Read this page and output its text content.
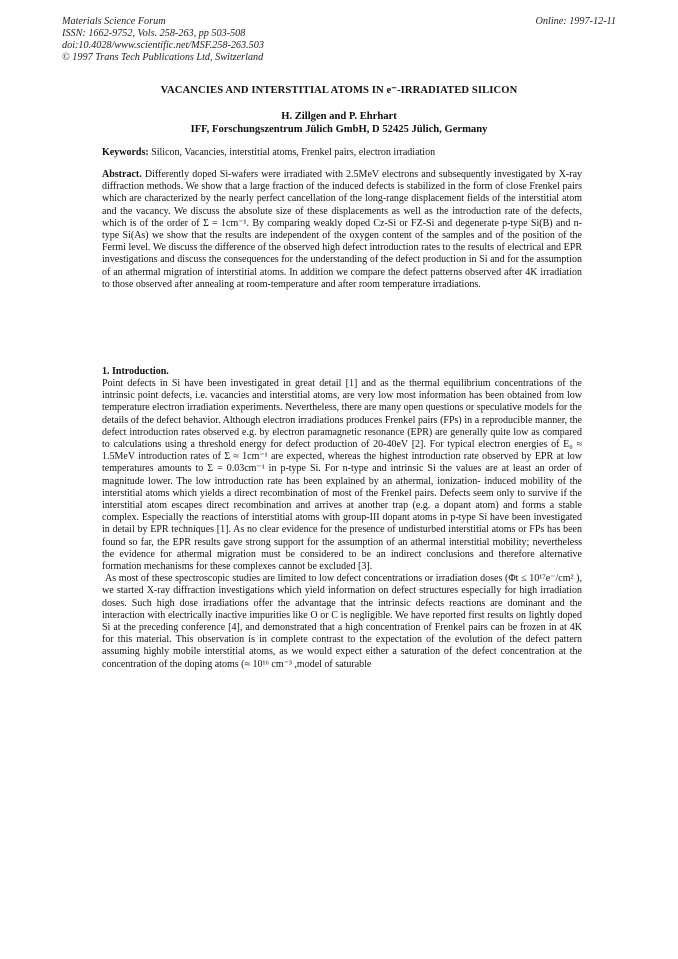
Materials Science Forum
ISSN: 1662-9752, Vols. 258-263, pp 503-508
doi:10.4028/www.scientific.net/MSF.258-263.503
© 1997 Trans Tech Publications Ltd, Switzerland
Online: 1997-12-11
VACANCIES AND INTERSTITIAL ATOMS IN e⁻-IRRADIATED SILICON
H. Zillgen and P. Ehrhart
IFF, Forschungszentrum Jülich GmbH, D 52425 Jülich, Germany
Keywords: Silicon, Vacancies, interstitial atoms, Frenkel pairs, electron irradiation
Abstract. Differently doped Si-wafers were irradiated with 2.5MeV electrons and subsequently investigated by X-ray diffraction methods. We show that a large fraction of the induced defects is stabilized in the form of close Frenkel pairs which are characterized by the nearly perfect cancellation of the long-range displacement fields of the interstitial atom and the vacancy. We discuss the absolute size of these displacements as well as the introduction rate of the defects, which is of the order of Σ = 1cm⁻¹. By comparing weakly doped Cz-Si or FZ-Si and degenerate p-type Si(B) and n-type Si(As) we show that the results are independent of the oxygen content of the samples and of the position of the Fermi level. We discuss the difference of the observed high defect introduction rates to the results of electrical and EPR investigations and discuss the consequences for the understanding of the defect production in Si and for the assumption of an athermal migration of interstitial atoms. In addition we compare the defect patterns observed after 4K irradiation to those observed after annealing at room-temperature and after room temperature irradiations.
1. Introduction.

Point defects in Si have been investigated in great detail [1] and as the thermal equilibrium concentrations of the intrinsic point defects, i.e. vacancies and interstitial atoms, are very low most information has been obtained from low temperature electron irradiation experiments. Nevertheless, there are many open questions or speculative models for the details of the defect behavior. Although electron irradiations produces Frenkel pairs (FPs) in a reproducible manner, the defect introduction rates observed e.g. by electron paramagnetic resonance (EPR) are generally quite low as compared to calculations using a threshold energy for defect production of 20-40eV [2]. For typical electron energies of E₀ ≈ 1.5MeV introduction rates of Σ ≈ 1cm⁻¹ are expected, whereas the highest introduction rate observed by EPR at low temperatures amounts to Σ = 0.03cm⁻¹ in p-type Si. For n-type and intrinsic Si the values are at least an order of magnitude lower. The low introduction rate has been explained by an athermal, ionization- induced mobility of the interstitial atoms which yields a direct recombination of most of the Frenkel pairs. Defects seem only to survive if the interstitial atom escapes direct recombination and arrives at another trap (e.g. a dopant atom) and forms a stable complex. Especially the reactions of interstitial atoms with group-III dopant atoms in p-type Si have been investigated in detail by EPR techniques [1]. As no clear evidence for the presence of undisturbed interstitial atoms or FPs has been found so far, the EPR results gave strong support for the assumption of an athermal interstitial mobility; nevertheless the evidence for athermal migration must be considered to be an indirect conclusions and therefore alternative formation mechanisms for these complexes cannot be excluded [3].

As most of these spectroscopic studies are limited to low defect concentrations or irradiation doses (Φt ≤ 10¹⁷e⁻/cm² ), we started X-ray diffraction investigations which yield information on defect structures especially for high irradiation doses. Such high dose irradiations offer the advantage that the intrinsic defects reactions are dominant and the interaction with electrically inactive impurities like O or C is negligible. We have reported first results on lightly doped Si at the preceding conference [4], and demonstrated that a high concentration of Frenkel pairs can be frozen in at 4K for this material. This observation is in complete contrast to the expectation of the evolution of the defect pattern assuming highly mobile interstitial atoms, as we would expect either a saturation of the defect concentration at the concentration of the doping atoms (≈ 10¹⁶ cm⁻³ ,model of saturable
